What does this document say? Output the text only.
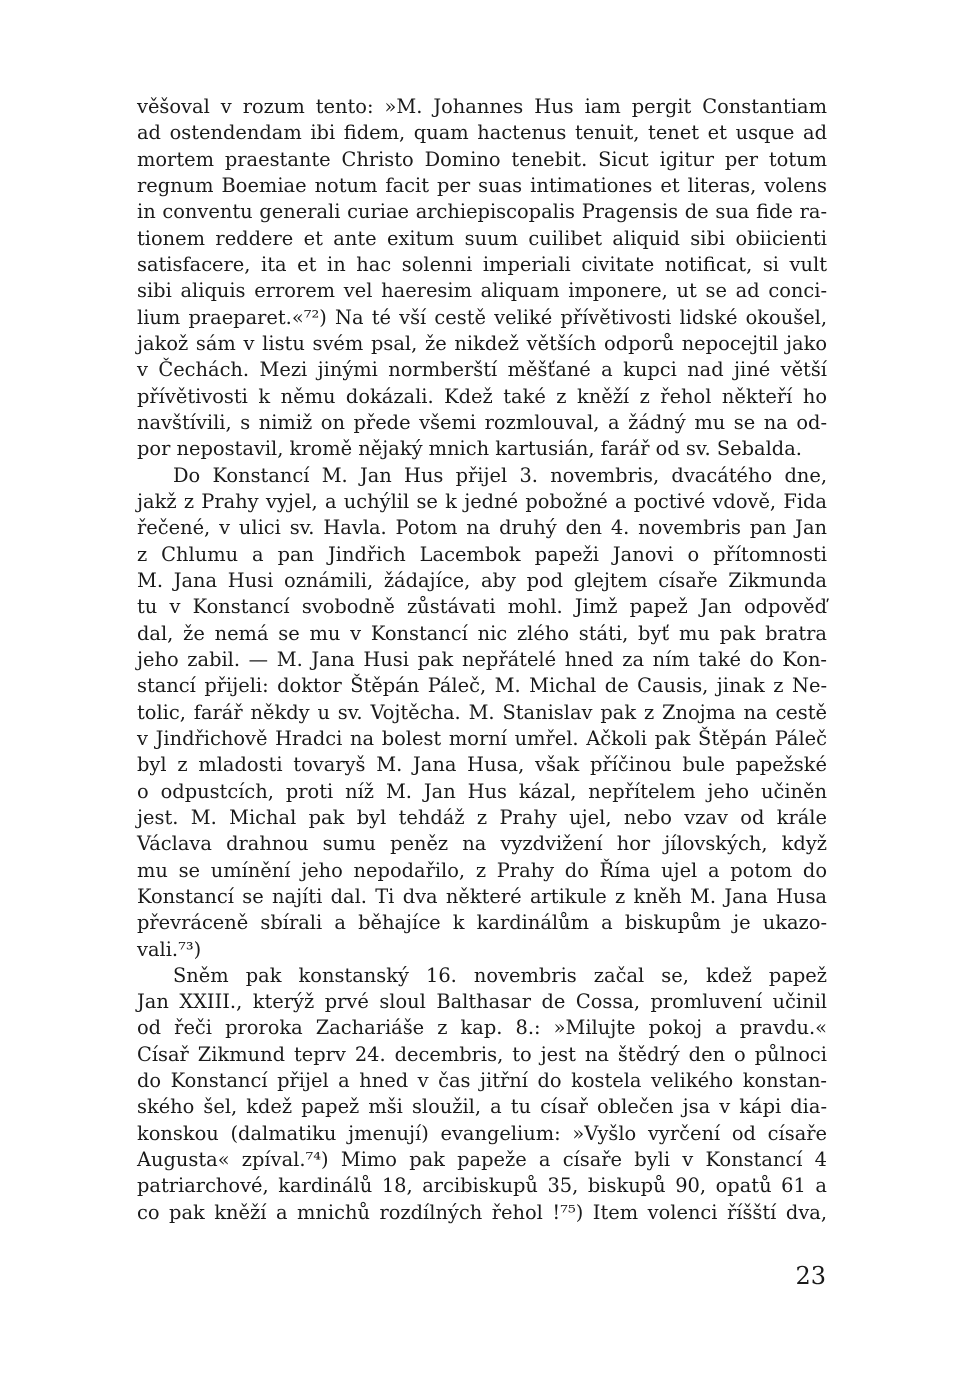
věšoval v rozum tento: »M. Johannes Hus iam pergit Constantiam
ad ostendendam ibi fidem, quam hactenus tenuit, tenet et usque ad
mortem praestante Christo Domino tenebit. Sicut igitur per totum
regnum Boemiae notum facit per suas intimationes et literas, volens
in conventu generali curiae archiepiscopalis Pragensis de sua fide ra-
tionem reddere et ante exitum suum cuilibet aliquid sibi obiicienti
satisfacere, ita et in hac solenni imperiali civitate notificat, si vult
sibi aliquis errorem vel haeresim aliquam imponere, ut se ad conci-
lium praeparet.«⁷²) Na té vší cestě veliké přívětivosti lidské okoušel,
jakož sám v listu svém psal, že nikdež větších odporů nepocejtil jako
v Čechách. Mezi jinými normberští měšťané a kupci nad jiné větší
přívětivosti k němu dokázali. Kdež také z kněží z řehol někteří ho
navštívili, s nimiž on přede všemi rozmlouval, a žádný mu se na od-
por nepostavil, kromě nějaký mnich kartusián, farář od sv. Sebalda.
Do Konstancí M. Jan Hus přijel 3. novembris, dvacátého dne,
jakž z Prahy vyjel, a uchýlil se k jedné pobožné a poctivé vdově, Fida
řečené, v ulici sv. Havla. Potom na druhý den 4. novembris pan Jan
z Chlumu a pan Jindřich Lacembok papeži Janovi o přítomnosti
M. Jana Husi oznámili, žádajíce, aby pod glejtem císaře Zikmunda
tu v Konstancí svobodně zůstávati mohl. Jimž papež Jan odpověď
dal, že nemá se mu v Konstancí nic zlého státi, byť mu pak bratra
jeho zabil. — M. Jana Husi pak nepřátelé hned za ním také do Kon-
stancí přijeli: doktor Štěpán Páleč, M. Michal de Causis, jinak z Ne-
tolic, farář někdy u sv. Vojtěcha. M. Stanislav pak z Znojma na cestě
v Jindřichově Hradci na bolest morní umřel. Ačkoli pak Štěpán Páleč
byl z mladosti tovaryš M. Jana Husa, však příčinou bule papežské
o odpustcích, proti níž M. Jan Hus kázal, nepřítelem jeho učiněn
jest. M. Michal pak byl tehdáž z Prahy ujel, nebo vzav od krále
Václava drahnou sumu peněz na vyzdvižení hor jílovských, když
mu se umínění jeho nepodařilo, z Prahy do Říma ujel a potom do
Konstancí se najíti dal. Ti dva některé artikule z kněh M. Jana Husa
převráceně sbírali a běhajíce k kardinálům a biskupům je ukazo-
vali.⁷³)
Sněm pak konstanský 16. novembris začal se, kdež papež
Jan XXIII., kterýž prvé sloul Balthasar de Cossa, promluvení učinil
od řeči proroka Zachariáše z kap. 8.: »Milujte pokoj a pravdu.«
Císař Zikmund teprv 24. decembris, to jest na štědrý den o půlnoci
do Konstancí přijel a hned v čas jitřní do kostela velikého konstan-
ského šel, kdež papež mši sloužil, a tu císař oblečen jsa v kápi dia-
konskou (dalmatiku jmenují) evangelium: »Vyšlo vyrčení od císaře
Augusta« zpíval.⁷⁴) Mimo pak papeže a císaře byli v Konstancí 4
patriarchové, kardinálů 18, arcibiskupů 35, biskupů 90, opatů 61 a
co pak kněží a mnichů rozdílných řehol !⁷⁵) Item volenci říšští dva,
23
